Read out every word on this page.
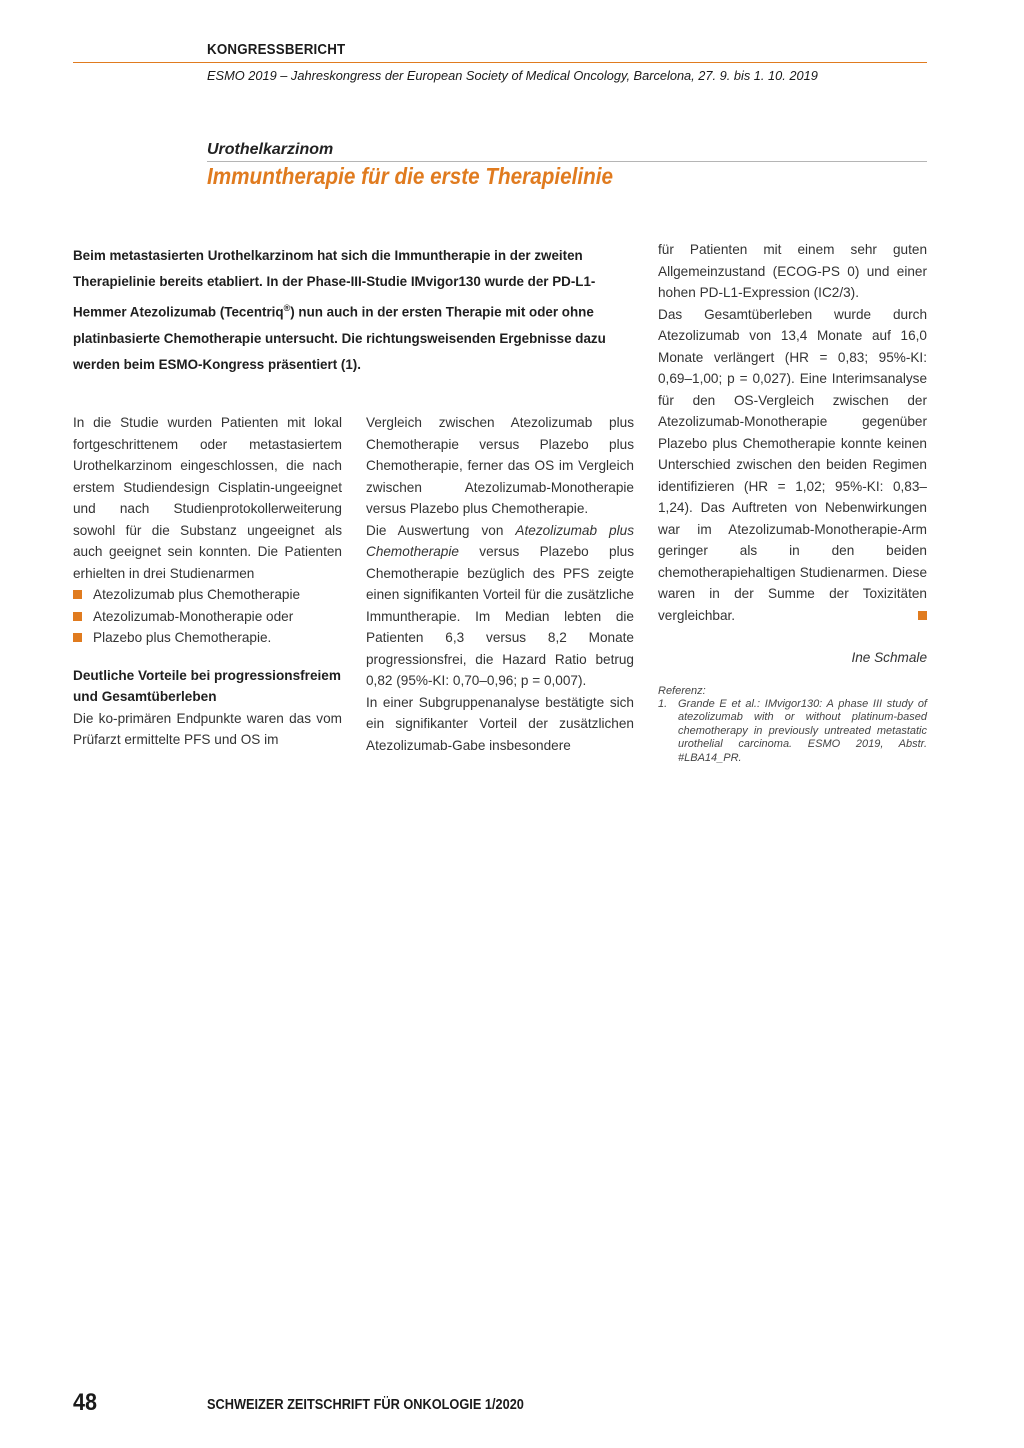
KONGRESSBERICHT
ESMO 2019 – Jahreskongress der European Society of Medical Oncology, Barcelona, 27. 9. bis 1. 10. 2019
Urothelkarzinom
Immuntherapie für die erste Therapielinie

Beim metastasierten Urothelkarzinom hat sich die Immuntherapie in der zweiten Therapielinie bereits etabliert. In der Phase-III-Studie IMvigor130 wurde der PD-L1-Hemmer Atezolizumab (Tecentriq®) nun auch in der ersten Therapie mit oder ohne platinbasierte Chemotherapie untersucht. Die richtungsweisenden Ergebnisse dazu werden beim ESMO-Kongress präsentiert (1).

In die Studie wurden Patienten mit lokal fortgeschrittenem oder metastasiertem Urothelkarzinom eingeschlossen, die nach erstem Studiendesign Cisplatin-ungeeignet und nach Studienprotokollerweiterung sowohl für die Substanz ungeeignet als auch geeignet sein konnten. Die Patienten erhielten in drei Studienarmen

Atezolizumab plus Chemotherapie
Atezolizumab-Monotherapie oder
Plazebo plus Chemotherapie.

Deutliche Vorteile bei progressionsfreiem und Gesamtüberleben

Die ko-primären Endpunkte waren das vom Prüfarzt ermittelte PFS und OS im

Vergleich zwischen Atezolizumab plus Chemotherapie versus Plazebo plus Chemotherapie, ferner das OS im Vergleich zwischen Atezolizumab-Monotherapie versus Plazebo plus Chemotherapie.

Die Auswertung von Atezolizumab plus Chemotherapie versus Plazebo plus Chemotherapie bezüglich des PFS zeigte einen signifikanten Vorteil für die zusätzliche Immuntherapie. Im Median lebten die Patienten 6,3 versus 8,2 Monate progressionsfrei, die Hazard Ratio betrug 0,82 (95%-KI: 0,70–0,96; p = 0,007).

In einer Subgruppenanalyse bestätigte sich ein signifikanter Vorteil der zusätzlichen Atezolizumab-Gabe insbesondere

für Patienten mit einem sehr guten Allgemeinzustand (ECOG-PS 0) und einer hohen PD-L1-Expression (IC2/3).

Das Gesamtüberleben wurde durch Atezolizumab von 13,4 Monate auf 16,0 Monate verlängert (HR = 0,83; 95%-KI: 0,69–1,00; p = 0,027). Eine Interimsanalyse für den OS-Vergleich zwischen der Atezolizumab-Monotherapie gegenüber Plazebo plus Chemotherapie konnte keinen Unterschied zwischen den beiden Regimen identifizieren (HR = 1,02; 95%-KI: 0,83–1,24). Das Auftreten von Nebenwirkungen war im Atezolizumab-Monotherapie-Arm geringer als in den beiden chemotherapiehaltigen Studienarmen. Diese waren in der Summe der Toxizitäten vergleichbar.

Ine Schmale

Referenz:

1. Grande E et al.: IMvigor130: A phase III study of atezolizumab with or without platinum-based chemotherapy in previously untreated metastatic urothelial carcinoma. ESMO 2019, Abstr. #LBA14_PR.
48	SCHWEIZER ZEITSCHRIFT FÜR ONKOLOGIE 1/2020
